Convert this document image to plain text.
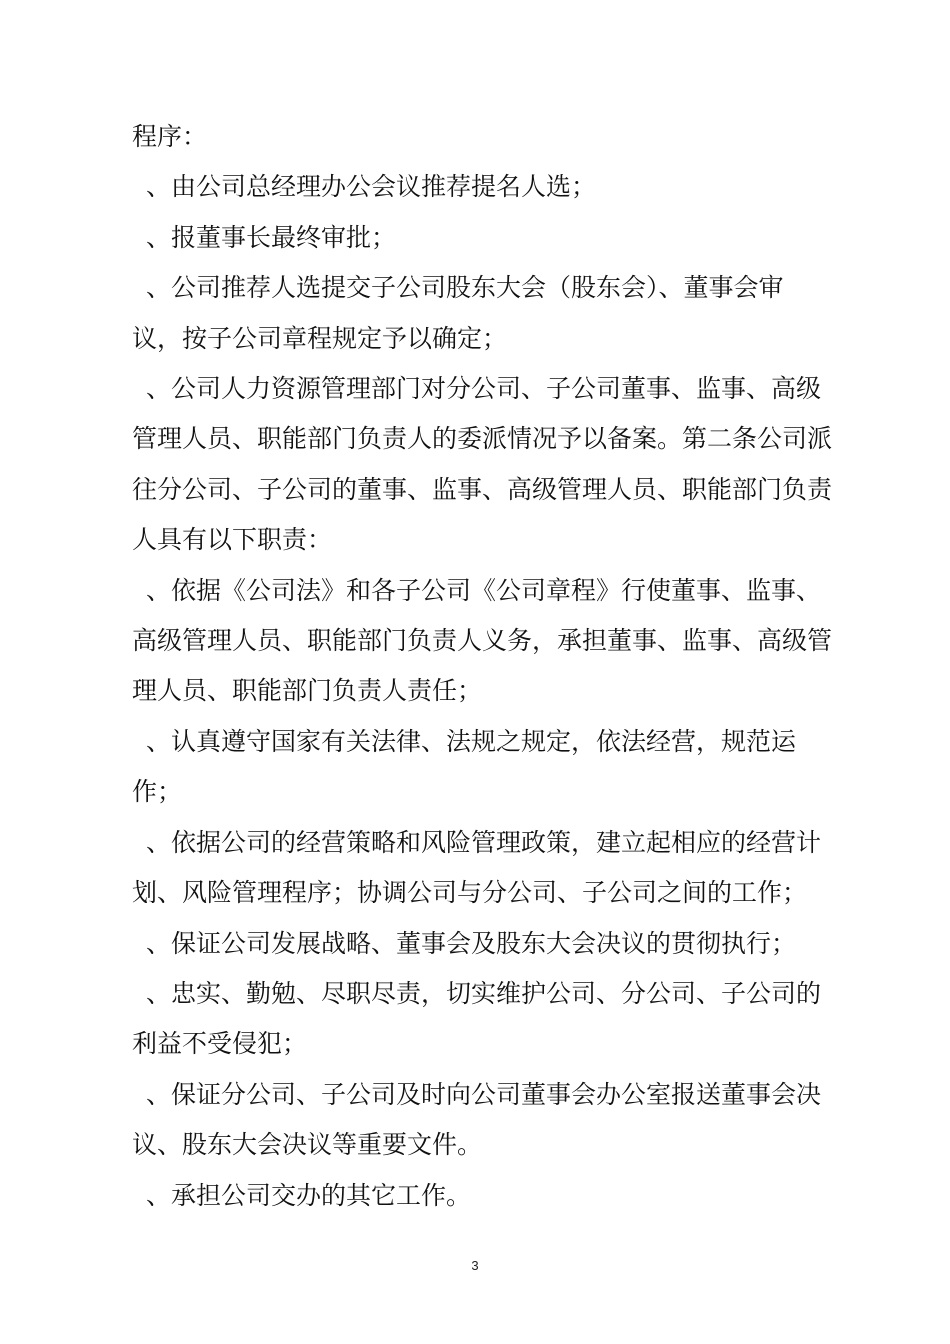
程序：

、由公司总经理办公会议推荐提名人选；

、报董事长最终审批；

、公司推荐人选提交子公司股东大会（股东会）、董事会审议，按子公司章程规定予以确定；

、公司人力资源管理部门对分公司、子公司董事、监事、高级管理人员、职能部门负责人的委派情况予以备案。第二条公司派往分公司、子公司的董事、监事、高级管理人员、职能部门负责人具有以下职责：

、依据《公司法》和各子公司《公司章程》行使董事、监事、高级管理人员、职能部门负责人义务，承担董事、监事、高级管理人员、职能部门负责人责任；

、认真遵守国家有关法律、法规之规定，依法经营，规范运作；

、依据公司的经营策略和风险管理政策，建立起相应的经营计划、风险管理程序；协调公司与分公司、子公司之间的工作；

、保证公司发展战略、董事会及股东大会决议的贯彻执行；

、忠实、勤勉、尽职尽责，切实维护公司、分公司、子公司的利益不受侵犯；

、保证分公司、子公司及时向公司董事会办公室报送董事会决议、股东大会决议等重要文件。

、承担公司交办的其它工作。

3
